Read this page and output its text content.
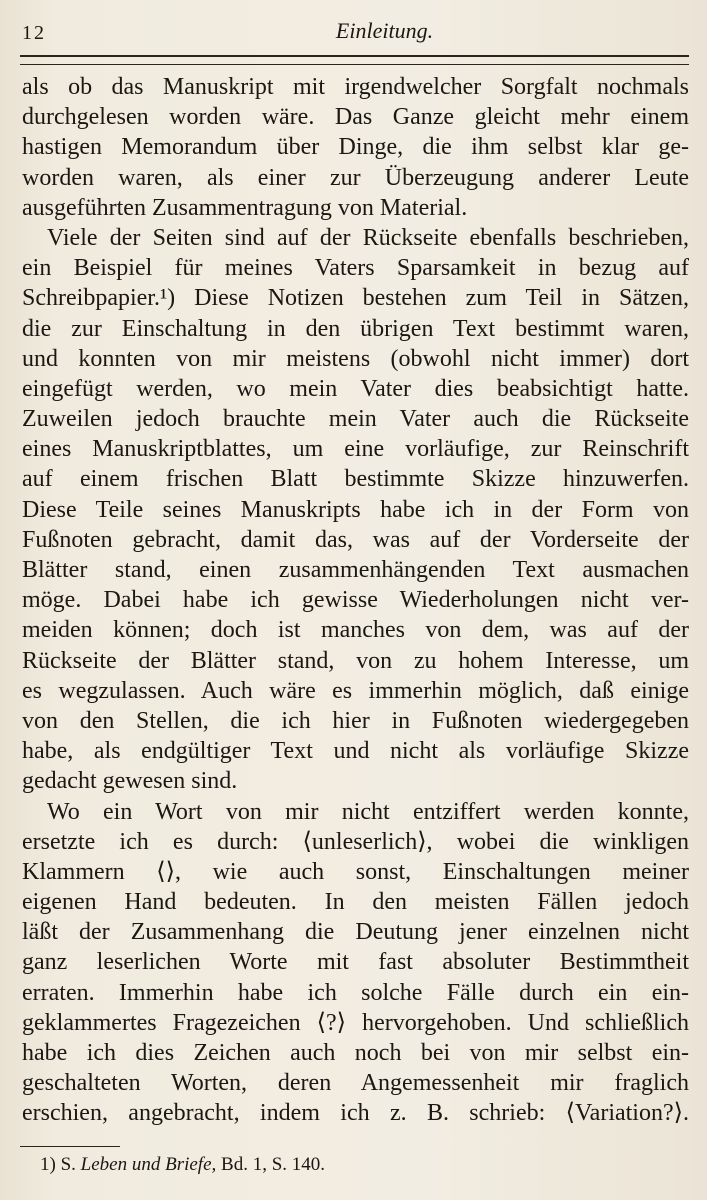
12	Einleitung.
als ob das Manuskript mit irgendwelcher Sorgfalt nochmals
durchgelesen worden wäre. Das Ganze gleicht mehr einem
hastigen Memorandum über Dinge, die ihm selbst klar ge-
worden waren, als einer zur Überzeugung anderer Leute
ausgeführten Zusammentragung von Material.
Viele der Seiten sind auf der Rückseite ebenfalls beschrieben,
ein Beispiel für meines Vaters Sparsamkeit in bezug auf
Schreibpapier.¹) Diese Notizen bestehen zum Teil in Sätzen,
die zur Einschaltung in den übrigen Text bestimmt waren,
und konnten von mir meistens (obwohl nicht immer) dort
eingefügt werden, wo mein Vater dies beabsichtigt hatte.
Zuweilen jedoch brauchte mein Vater auch die Rückseite
eines Manuskriptblattes, um eine vorläufige, zur Reinschrift
auf einem frischen Blatt bestimmte Skizze hinzuwerfen.
Diese Teile seines Manuskripts habe ich in der Form von
Fußnoten gebracht, damit das, was auf der Vorderseite der
Blätter stand, einen zusammenhängenden Text ausmachen
möge. Dabei habe ich gewisse Wiederholungen nicht ver-
meiden können; doch ist manches von dem, was auf der
Rückseite der Blätter stand, von zu hohem Interesse, um
es wegzulassen. Auch wäre es immerhin möglich, daß einige
von den Stellen, die ich hier in Fußnoten wiedergegeben
habe, als endgültiger Text und nicht als vorläufige Skizze
gedacht gewesen sind.
Wo ein Wort von mir nicht entziffert werden konnte,
ersetzte ich es durch: ⟨unleserlich⟩, wobei die winkligen
Klammern ⟨⟩, wie auch sonst, Einschaltungen meiner
eigenen Hand bedeuten. In den meisten Fällen jedoch
läßt der Zusammenhang die Deutung jener einzelnen nicht
ganz leserlichen Worte mit fast absoluter Bestimmtheit
erraten. Immerhin habe ich solche Fälle durch ein ein-
geklammertes Fragezeichen ⟨?⟩ hervorgehoben. Und schließlich
habe ich dies Zeichen auch noch bei von mir selbst ein-
geschalteten Worten, deren Angemessenheit mir fraglich
erschien, angebracht, indem ich z. B. schrieb: ⟨Variation?⟩.
1) S. Leben und Briefe, Bd. 1, S. 140.
